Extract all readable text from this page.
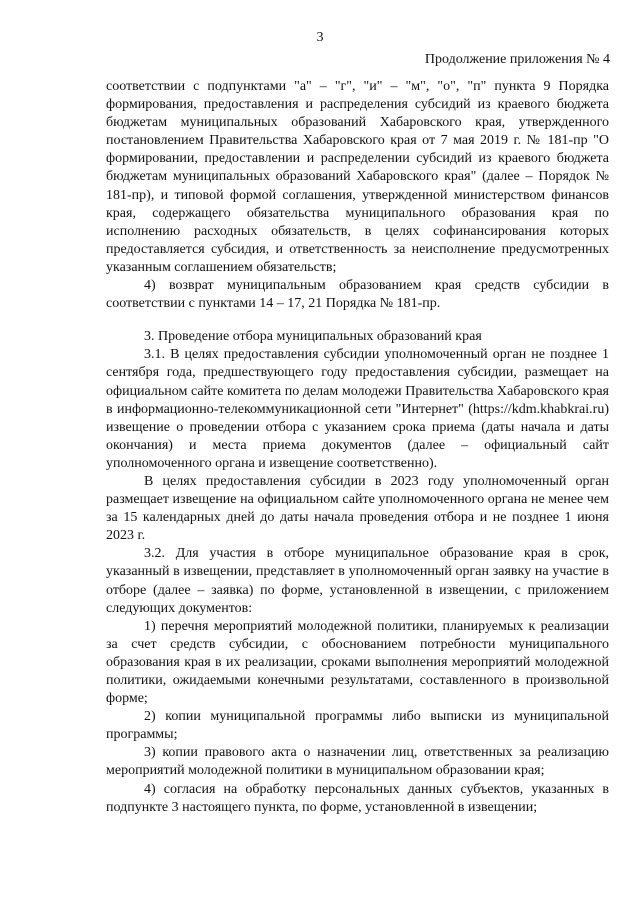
3
Продолжение приложения № 4

соответствии с подпунктами "а" – "г", "и" – "м", "о", "п" пункта 9 Порядка формирования, предоставления и распределения субсидий из краевого бюджета бюджетам муниципальных образований Хабаровского края, утвержденного постановлением Правительства Хабаровского края от 7 мая 2019 г. № 181-пр "О формировании, предоставлении и распределении субсидий из краевого бюджета бюджетам муниципальных образований Хабаровского края" (далее – Порядок № 181-пр), и типовой формой соглашения, утвержденной министерством финансов края, содержащего обязательства муниципального образования края по исполнению расходных обязательств, в целях софинансирования которых предоставляется субсидия, и ответственность за неисполнение предусмотренных указанным соглашением обязательств;

4) возврат муниципальным образованием края средств субсидии в соответствии с пунктами 14 – 17, 21 Порядка № 181-пр.

3. Проведение отбора муниципальных образований края

3.1. В целях предоставления субсидии уполномоченный орган не позднее 1 сентября года, предшествующего году предоставления субсидии, размещает на официальном сайте комитета по делам молодежи Правительства Хабаровского края в информационно-телекоммуникационной сети "Интернет" (https://kdm.khabkrai.ru) извещение о проведении отбора с указанием срока приема (даты начала и даты окончания) и места приема документов (далее – официальный сайт уполномоченного органа и извещение соответственно).

В целях предоставления субсидии в 2023 году уполномоченный орган размещает извещение на официальном сайте уполномоченного органа не менее чем за 15 календарных дней до даты начала проведения отбора и не позднее 1 июня 2023 г.

3.2. Для участия в отборе муниципальное образование края в срок, указанный в извещении, представляет в уполномоченный орган заявку на участие в отборе (далее – заявка) по форме, установленной в извещении, с приложением следующих документов:

1) перечня мероприятий молодежной политики, планируемых к реализации за счет средств субсидии, с обоснованием потребности муниципального образования края в их реализации, сроками выполнения мероприятий молодежной политики, ожидаемыми конечными результатами, составленного в произвольной форме;

2) копии муниципальной программы либо выписки из муниципальной программы;

3) копии правового акта о назначении лиц, ответственных за реализацию мероприятий молодежной политики в муниципальном образовании края;

4) согласия на обработку персональных данных субъектов, указанных в подпункте 3 настоящего пункта, по форме, установленной в извещении;
